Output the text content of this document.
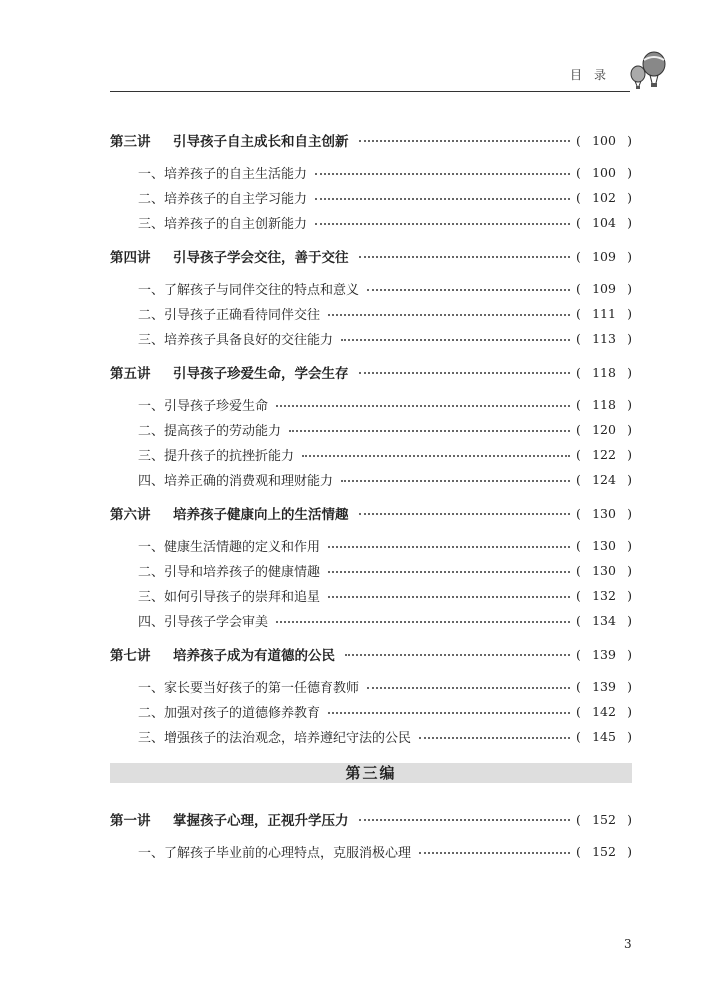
目录
第三讲	引导孩子自主成长和自主创新	( 100 )
一、培养孩子的自主生活能力	( 100 )
二、培养孩子的自主学习能力	( 102 )
三、培养孩子的自主创新能力	( 104 )
第四讲	引导孩子学会交往，善于交往	( 109 )
一、了解孩子与同伴交往的特点和意义	( 109 )
二、引导孩子正确看待同伴交往	( 111 )
三、培养孩子具备良好的交往能力	( 113 )
第五讲	引导孩子珍爱生命，学会生存	( 118 )
一、引导孩子珍爱生命	( 118 )
二、提高孩子的劳动能力	( 120 )
三、提升孩子的抗挫折能力	( 122 )
四、培养正确的消费观和理财能力	( 124 )
第六讲	培养孩子健康向上的生活情趣	( 130 )
一、健康生活情趣的定义和作用	( 130 )
二、引导和培养孩子的健康情趣	( 130 )
三、如何引导孩子的崇拜和追星	( 132 )
四、引导孩子学会审美	( 134 )
第七讲	培养孩子成为有道德的公民	( 139 )
一、家长要当好孩子的第一任德育教师	( 139 )
二、加强对孩子的道德修养教育	( 142 )
三、增强孩子的法治观念，培养遵纪守法的公民	( 145 )
第三编
第一讲	掌握孩子心理，正视升学压力	( 152 )
一、了解孩子毕业前的心理特点，克服消极心理	( 152 )
3
